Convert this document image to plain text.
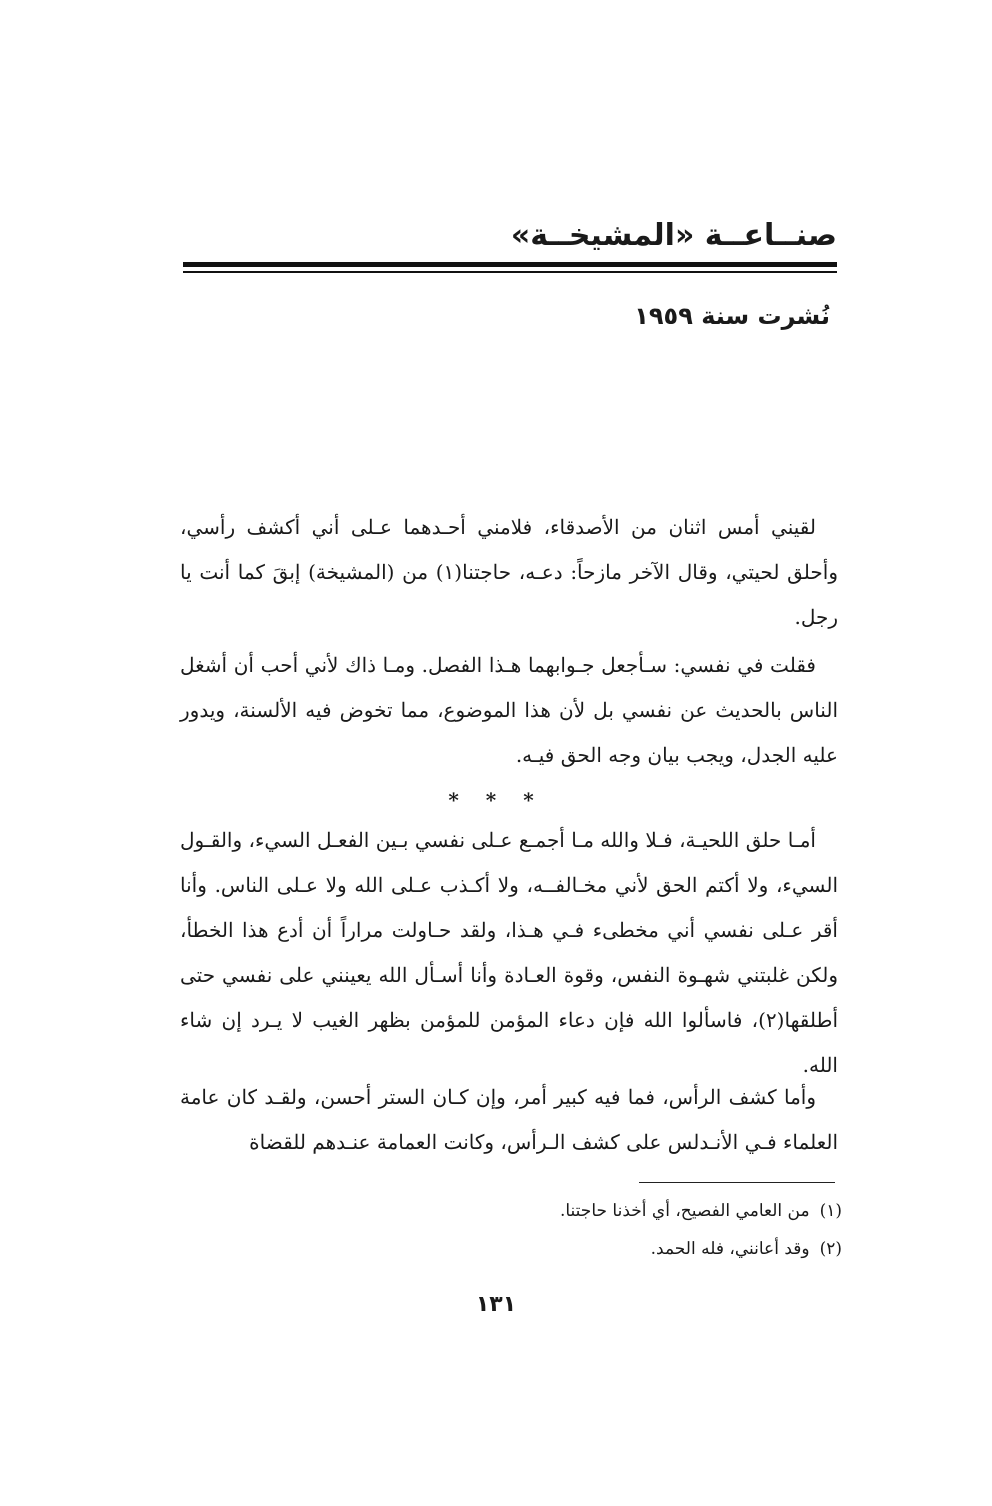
صنــاعــة «المشيخــة»
نُشرت سنة ١٩٥٩

لقيني أمس اثنان من الأصدقاء، فلامني أحـدهما عـلى أني أكشف رأسي، وأحلق لحيتي، وقال الآخر مازحاً: دعـه، حاجتنا(١) من (المشيخة) إبقَ كما أنت يا رجل.

فقلت في نفسي: سـأجعل جـوابهما هـذا الفصل. ومـا ذاك لأني أحب أن أشغل الناس بالحديث عن نفسي بل لأن هذا الموضوع، مما تخوض فيه الألسنة، ويدور عليه الجدل، ويجب بيان وجه الحق فيـه.

* * *

أمـا حلق اللحيـة، فـلا والله مـا أجمـع عـلى نفسي بـين الفعـل السيء، والقـول السيء، ولا أكتم الحق لأني مخـالفــه، ولا أكـذب عـلى الله ولا عـلى الناس. وأنا أقر عـلى نفسي أني مخطىء فـي هـذا، ولقد حـاولت مراراً أن أدع هذا الخطأ، ولكن غلبتني شهـوة النفس، وقوة العـادة وأنا أسـأل الله يعينني على نفسي حتى أطلقها(٢)، فاسألوا الله فإن دعاء المؤمن للمؤمن بظهر الغيب لا يـرد إن شاء الله.

وأما كشف الرأس، فما فيه كبير أمر، وإن كـان الستر أحسن، ولقـد كان عامة العلماء فـي الأنـدلس على كشف الـرأس، وكانت العمامة عنـدهم للقضاة

(١)من العامي الفصيح، أي أخذنا حاجتنا.
(٢)وقد أعانني، فله الحمد.
١٣١
